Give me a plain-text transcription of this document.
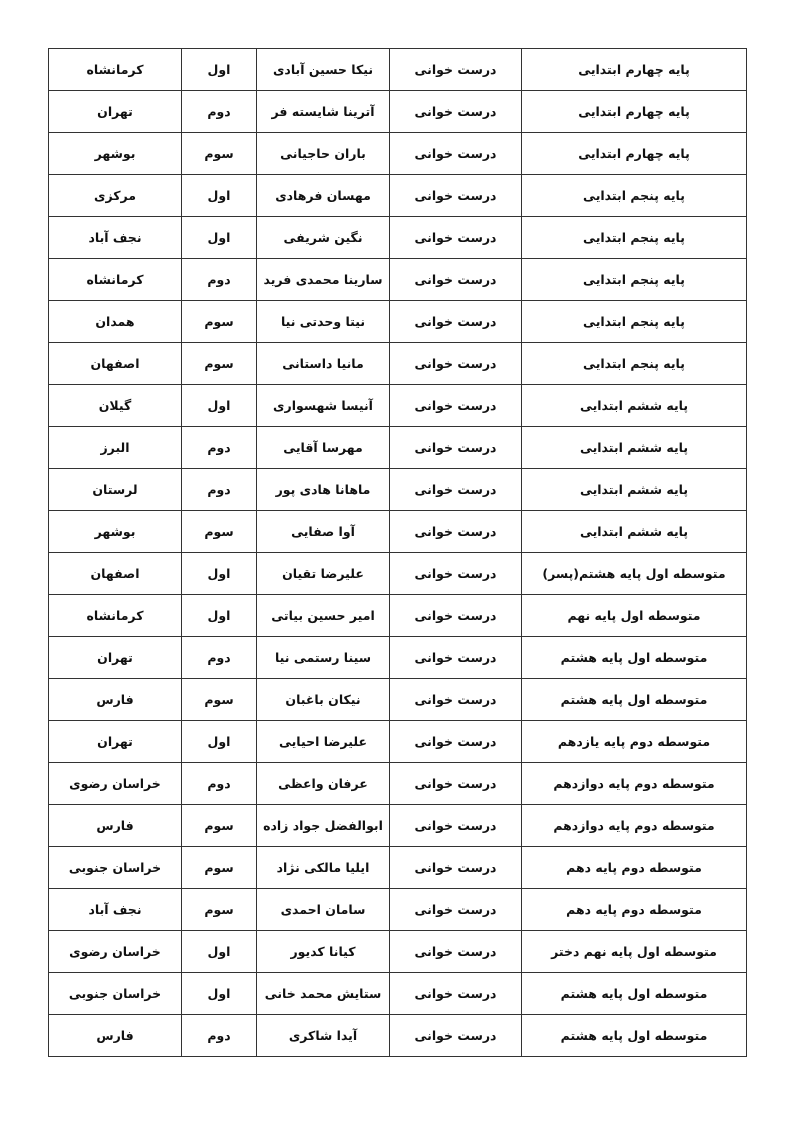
پایه چهارم ابتدایی	درست خوانی	نیکا حسین آبادی	اول	کرمانشاه
پایه چهارم ابتدایی	درست خوانی	آترینا شایسته فر	دوم	تهران
پایه چهارم ابتدایی	درست خوانی	باران حاجیانی	سوم	بوشهر
پایه پنجم ابتدایی	درست خوانی	مهسان فرهادی	اول	مرکزی
پایه پنجم ابتدایی	درست خوانی	نگین شریفی	اول	نجف آباد
پایه پنجم ابتدایی	درست خوانی	سارینا محمدی فرید	دوم	کرمانشاه
پایه پنجم ابتدایی	درست خوانی	نیتا وحدتی نیا	سوم	همدان
پایه پنجم ابتدایی	درست خوانی	مانیا داستانی	سوم	اصفهان
پایه ششم ابتدایی	درست خوانی	آنیسا شهسواری	اول	گیلان
پایه ششم ابتدایی	درست خوانی	مهرسا آقایی	دوم	البرز
پایه ششم ابتدایی	درست خوانی	ماهانا هادی پور	دوم	لرستان
پایه ششم ابتدایی	درست خوانی	آوا صفایی	سوم	بوشهر
متوسطه اول پایه هشتم(پسر)	درست خوانی	علیرضا تقیان	اول	اصفهان
متوسطه اول پایه نهم	درست خوانی	امیر حسین بیاتی	اول	کرمانشاه
متوسطه اول پایه هشتم	درست خوانی	سینا رستمی نیا	دوم	تهران
متوسطه اول پایه هشتم	درست خوانی	نیکان باغبان	سوم	فارس
متوسطه دوم پایه یازدهم	درست خوانی	علیرضا احیایی	اول	تهران
متوسطه دوم پایه دوازدهم	درست خوانی	عرفان واعظی	دوم	خراسان رضوی
متوسطه دوم پایه دوازدهم	درست خوانی	ابوالفضل جواد زاده	سوم	فارس
متوسطه دوم پایه دهم	درست خوانی	ایلیا مالکی نژاد	سوم	خراسان جنوبی
متوسطه دوم پایه دهم	درست خوانی	سامان احمدی	سوم	نجف آباد
متوسطه اول پایه نهم دختر	درست خوانی	کیانا کدیور	اول	خراسان رضوی
متوسطه اول پایه هشتم	درست خوانی	ستایش محمد خانی	اول	خراسان جنوبی
متوسطه اول پایه هشتم	درست خوانی	آیدا شاکری	دوم	فارس
